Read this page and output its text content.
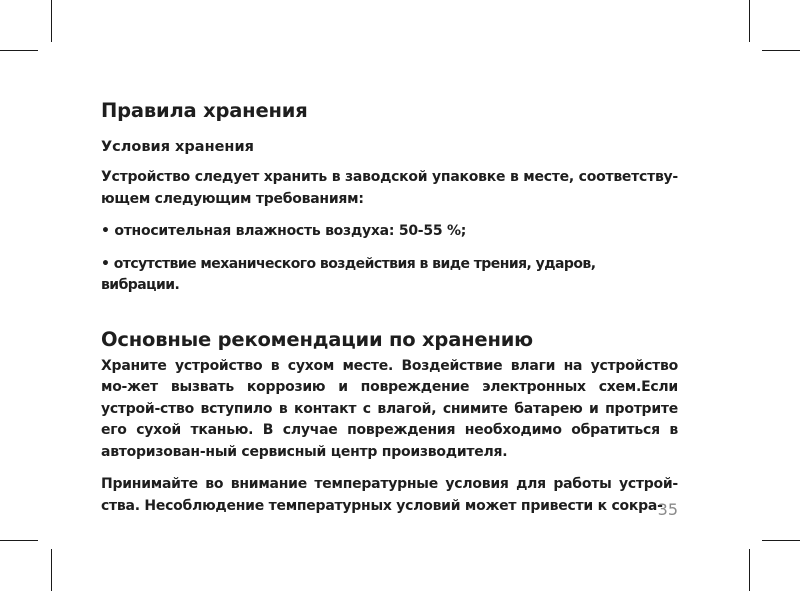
Правила хранения
Условия хранения

Устройство следует хранить в заводской упаковке в месте, соответству-ющем следующим требованиям:

• относительная влажность воздуха: 50-55 %;

• отсутствие механического воздействия в виде трения, ударов, вибрации.

Основные рекомендации по хранению

Храните устройство в сухом месте. Воздействие влаги на устройство мо-жет вызвать коррозию и повреждение электронных схем.Если устрой-ство вступило в контакт с влагой, снимите батарею и протрите его сухой тканью. В случае повреждения необходимо обратиться в авторизован-ный сервисный центр производителя.

Принимайте во внимание температурные условия для работы устрой-ства. Несоблюдение температурных условий может привести к сокра-

35
